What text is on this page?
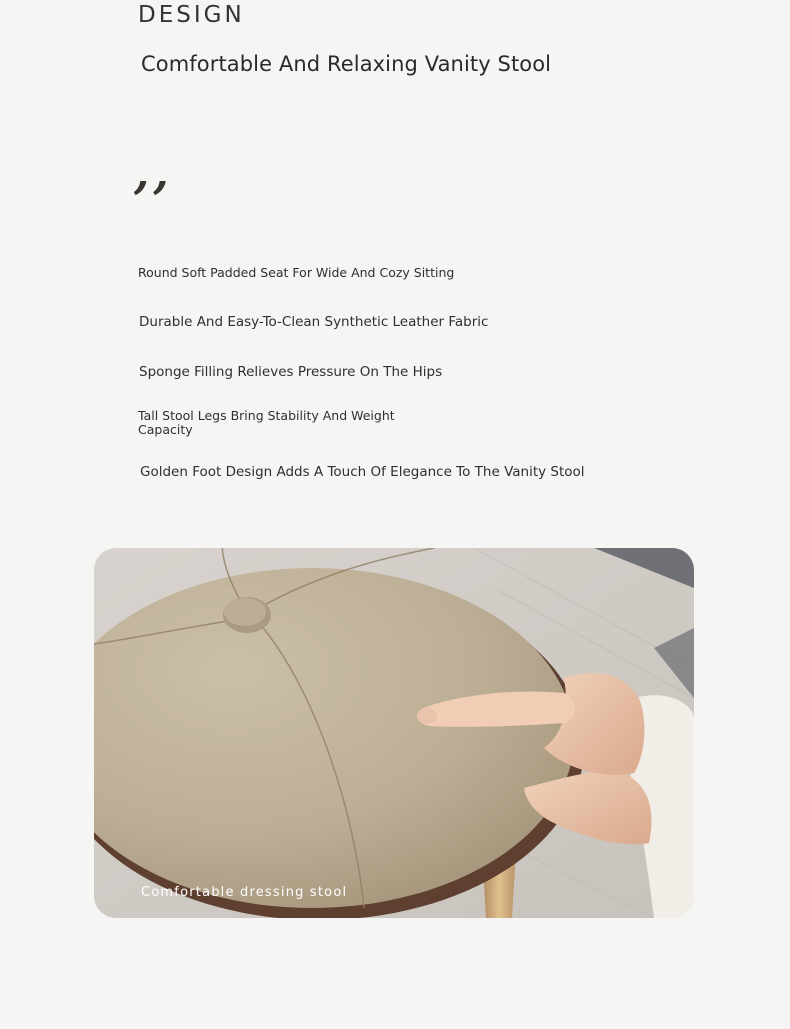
DESIGN
Comfortable And Relaxing Vanity Stool
,,
Round Soft Padded Seat For Wide And Cozy Sitting
Durable And Easy-To-Clean Synthetic Leather Fabric
Sponge Filling Relieves Pressure On The Hips
Tall Stool Legs Bring Stability And Weight Capacity
Golden Foot Design Adds A Touch Of Elegance To The Vanity Stool
Comfortable dressing stool
